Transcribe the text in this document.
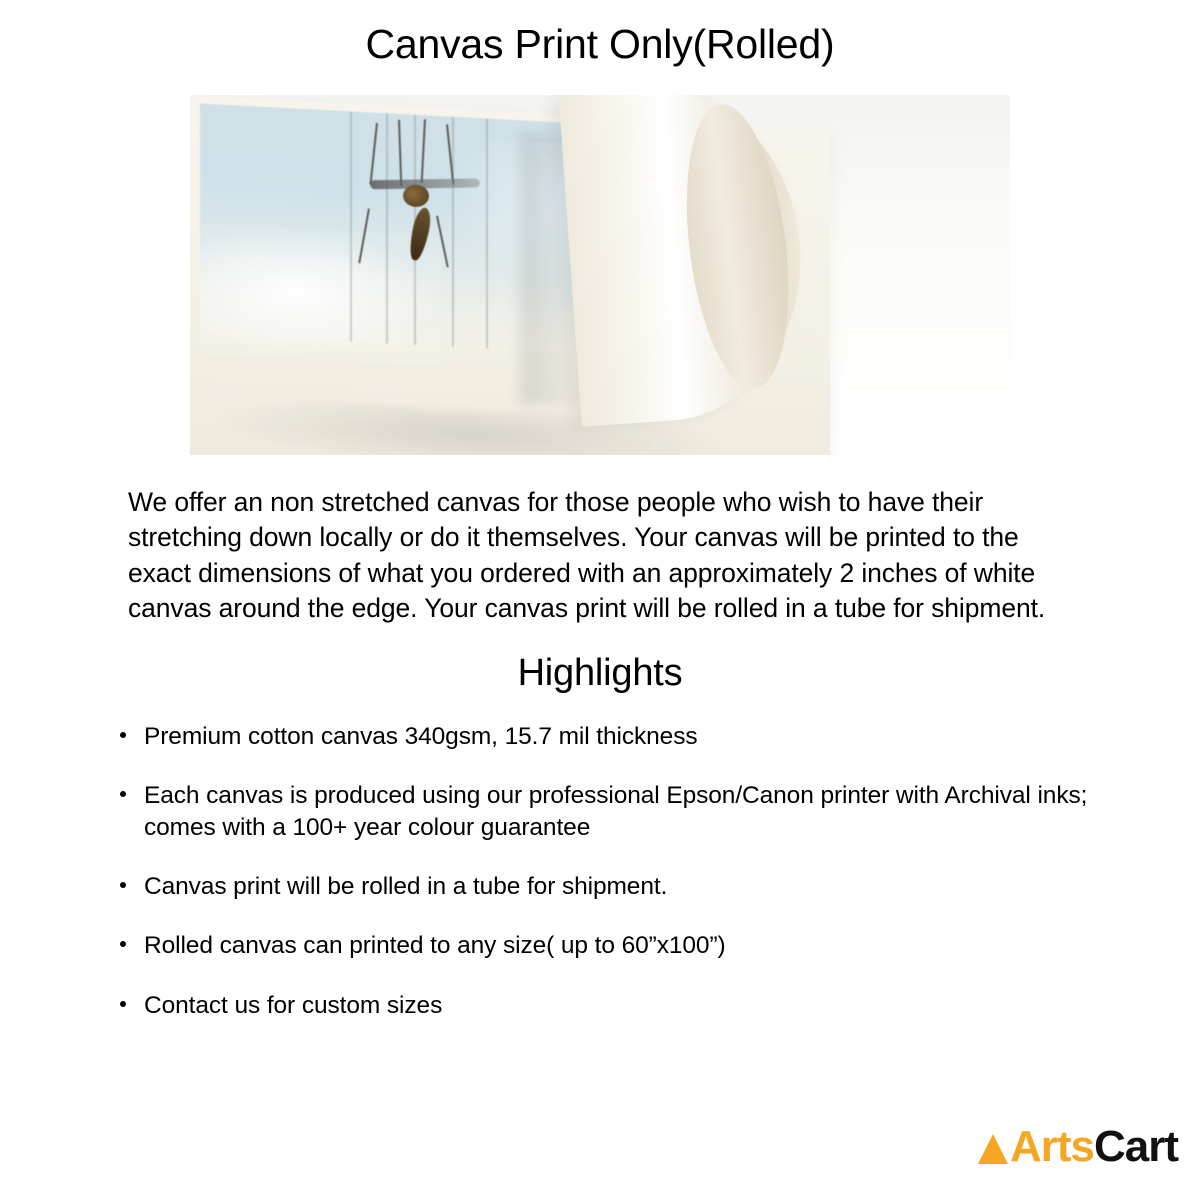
Canvas Print Only(Rolled)
We offer an non stretched canvas for those people who wish to have their stretching down locally or do it themselves. Your canvas will be printed to the exact dimensions of what you ordered with an approximately 2 inches of white canvas around the edge. Your canvas print will be rolled in a tube for shipment.
Highlights
Premium cotton canvas 340gsm, 15.7 mil thickness
Each canvas is produced using our professional Epson/Canon printer with Archival inks; comes with a 100+ year colour guarantee
Canvas print will be rolled in a tube for shipment.
Rolled canvas can printed to any size( up to 60”x100”)
Contact us for custom sizes
Arts Cart
